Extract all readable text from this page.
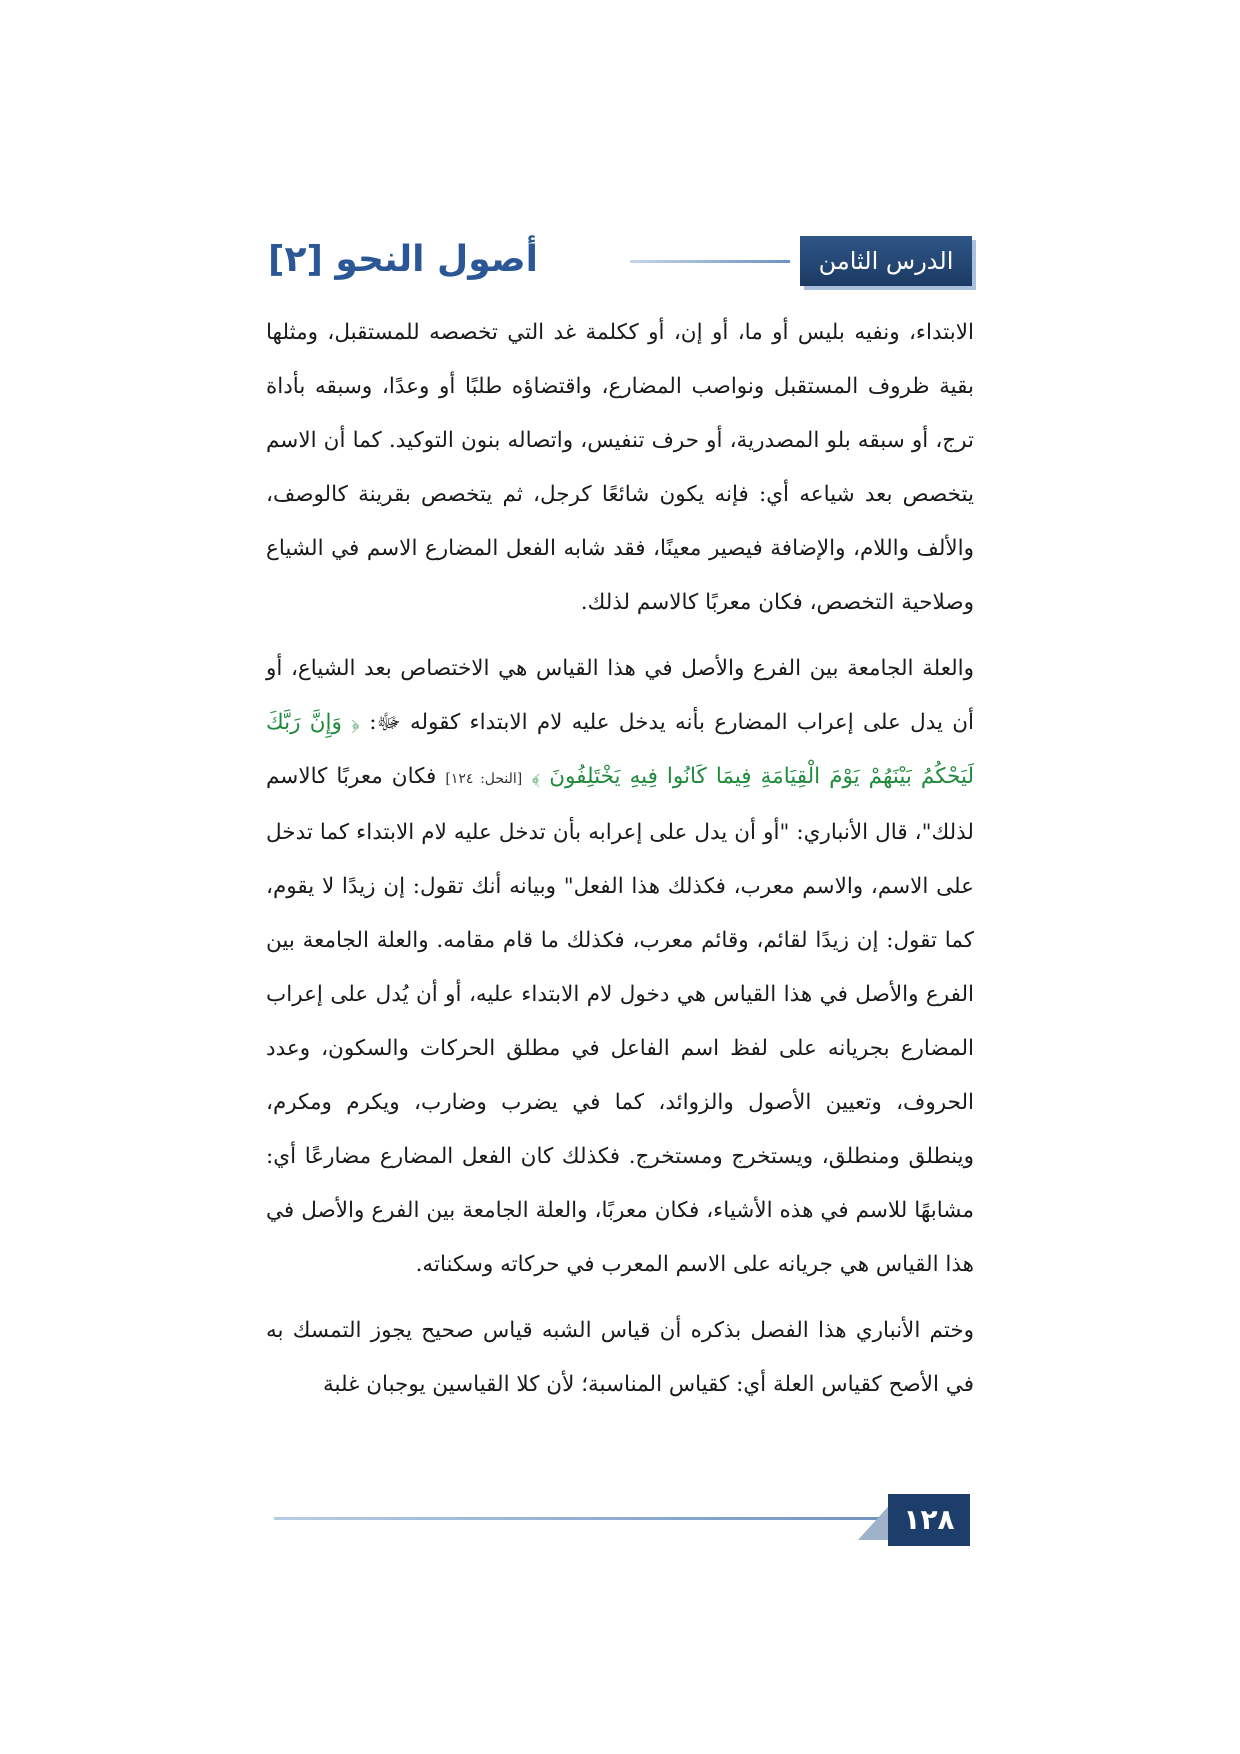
الدرس الثامن
أصول النحو [٢]

الابتداء، ونفيه بليس أو ما، أو إن، أو ككلمة غد التي تخصصه للمستقبل، ومثلها بقية ظروف المستقبل ونواصب المضارع، واقتضاؤه طلبًا أو وعدًا، وسبقه بأداة ترج، أو سبقه بلو المصدرية، أو حرف تنفيس، واتصاله بنون التوكيد. كما أن الاسم يتخصص بعد شياعه أي: فإنه يكون شائعًا كرجل، ثم يتخصص بقرينة كالوصف، والألف واللام، والإضافة فيصير معينًا، فقد شابه الفعل المضارع الاسم في الشياع وصلاحية التخصص، فكان معربًا كالاسم لذلك.

والعلة الجامعة بين الفرع والأصل في هذا القياس هي الاختصاص بعد الشياع، أو أن يدل على إعراب المضارع بأنه يدخل عليه لام الابتداء كقوله ﷻ: ﴿ وَإِنَّ رَبَّكَ لَيَحْكُمُ بَيْنَهُمْ يَوْمَ الْقِيَامَةِ فِيمَا كَانُوا فِيهِ يَخْتَلِفُونَ ﴾ [النحل: ١٢٤] فكان معربًا كالاسم لذلك"، قال الأنباري: "أو أن يدل على إعرابه بأن تدخل عليه لام الابتداء كما تدخل على الاسم، والاسم معرب، فكذلك هذا الفعل" وبيانه أنك تقول: إن زيدًا لا يقوم، كما تقول: إن زيدًا لقائم، وقائم معرب، فكذلك ما قام مقامه. والعلة الجامعة بين الفرع والأصل في هذا القياس هي دخول لام الابتداء عليه، أو أن يُدل على إعراب المضارع بجريانه على لفظ اسم الفاعل في مطلق الحركات والسكون، وعدد الحروف، وتعيين الأصول والزوائد، كما في يضرب وضارب، ويكرم ومكرم، وينطلق ومنطلق، ويستخرج ومستخرج. فكذلك كان الفعل المضارع مضارعًا أي: مشابهًا للاسم في هذه الأشياء، فكان معربًا، والعلة الجامعة بين الفرع والأصل في هذا القياس هي جريانه على الاسم المعرب في حركاته وسكناته.

وختم الأنباري هذا الفصل بذكره أن قياس الشبه قياس صحيح يجوز التمسك به في الأصح كقياس العلة أي: كقياس المناسبة؛ لأن كلا القياسين يوجبان غلبة

١٢٨
